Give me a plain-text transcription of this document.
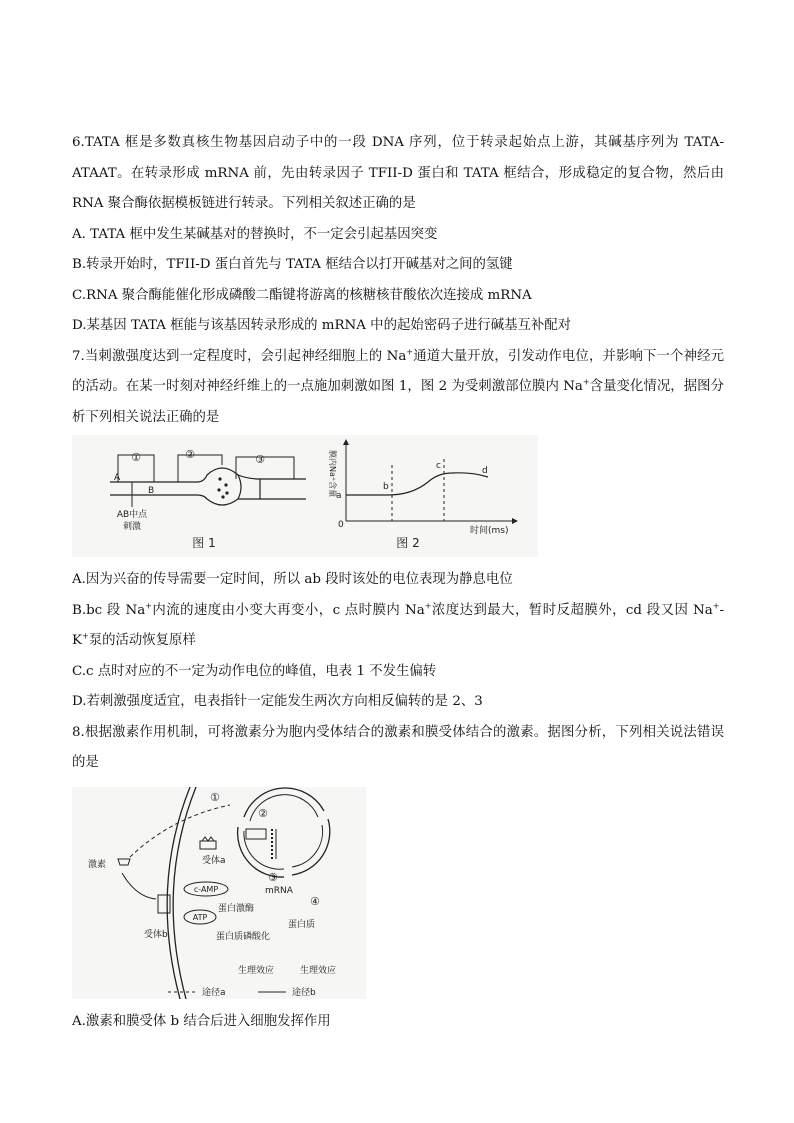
6.TATA 框是多数真核生物基因启动子中的一段 DNA 序列，位于转录起始点上游，其碱基序列为 TATA-ATAAT。在转录形成 mRNA 前，先由转录因子 TFII-D 蛋白和 TATA 框结合，形成稳定的复合物，然后由 RNA 聚合酶依据模板链进行转录。下列相关叙述正确的是

A. TATA 框中发生某碱基对的替换时，不一定会引起基因突变

B.转录开始时，TFII-D 蛋白首先与 TATA 框结合以打开碱基对之间的氢键

C.RNA 聚合酶能催化形成磷酸二酯键将游离的核糖核苷酸依次连接成 mRNA

D.某基因 TATA 框能与该基因转录形成的 mRNA 中的起始密码子进行碱基互补配对

7.当刺激强度达到一定程度时，会引起神经细胞上的 Na+通道大量开放，引发动作电位，并影响下一个神经元的活动。在某一时刻对神经纤维上的一点施加刺激如图 1，图 2 为受刺激部位膜内 Na+含量变化情况，据图分析下列相关说法正确的是

①	②	③
A
B
AB中点
刺激
图 1
0
膜内Na⁺含量
时间(ms)
a
b
c	d
图 2

A.因为兴奋的传导需要一定时间，所以 ab 段时该处的电位表现为静息电位

B.bc 段 Na+内流的速度由小变大再变小，c 点时膜内 Na+浓度达到最大，暂时反超膜外，cd 段又因 Na+-K+泵的活动恢复原样

C.c 点时对应的不一定为动作电位的峰值，电表 1 不发生偏转

D.若刺激强度适宜，电表指针一定能发生两次方向相反偏转的是 2、3

8.根据激素作用机制，可将激素分为胞内受体结合的激素和膜受体结合的激素。据图分析，下列相关说法错误的是

受体a
①
②
③
mRNA
④
蛋白质
激素
受体b
c-AMP
ATP
蛋白激酶
蛋白质磷酸化
生理效应	生理效应
途径a	途径b

A.激素和膜受体 b 结合后进入细胞发挥作用
